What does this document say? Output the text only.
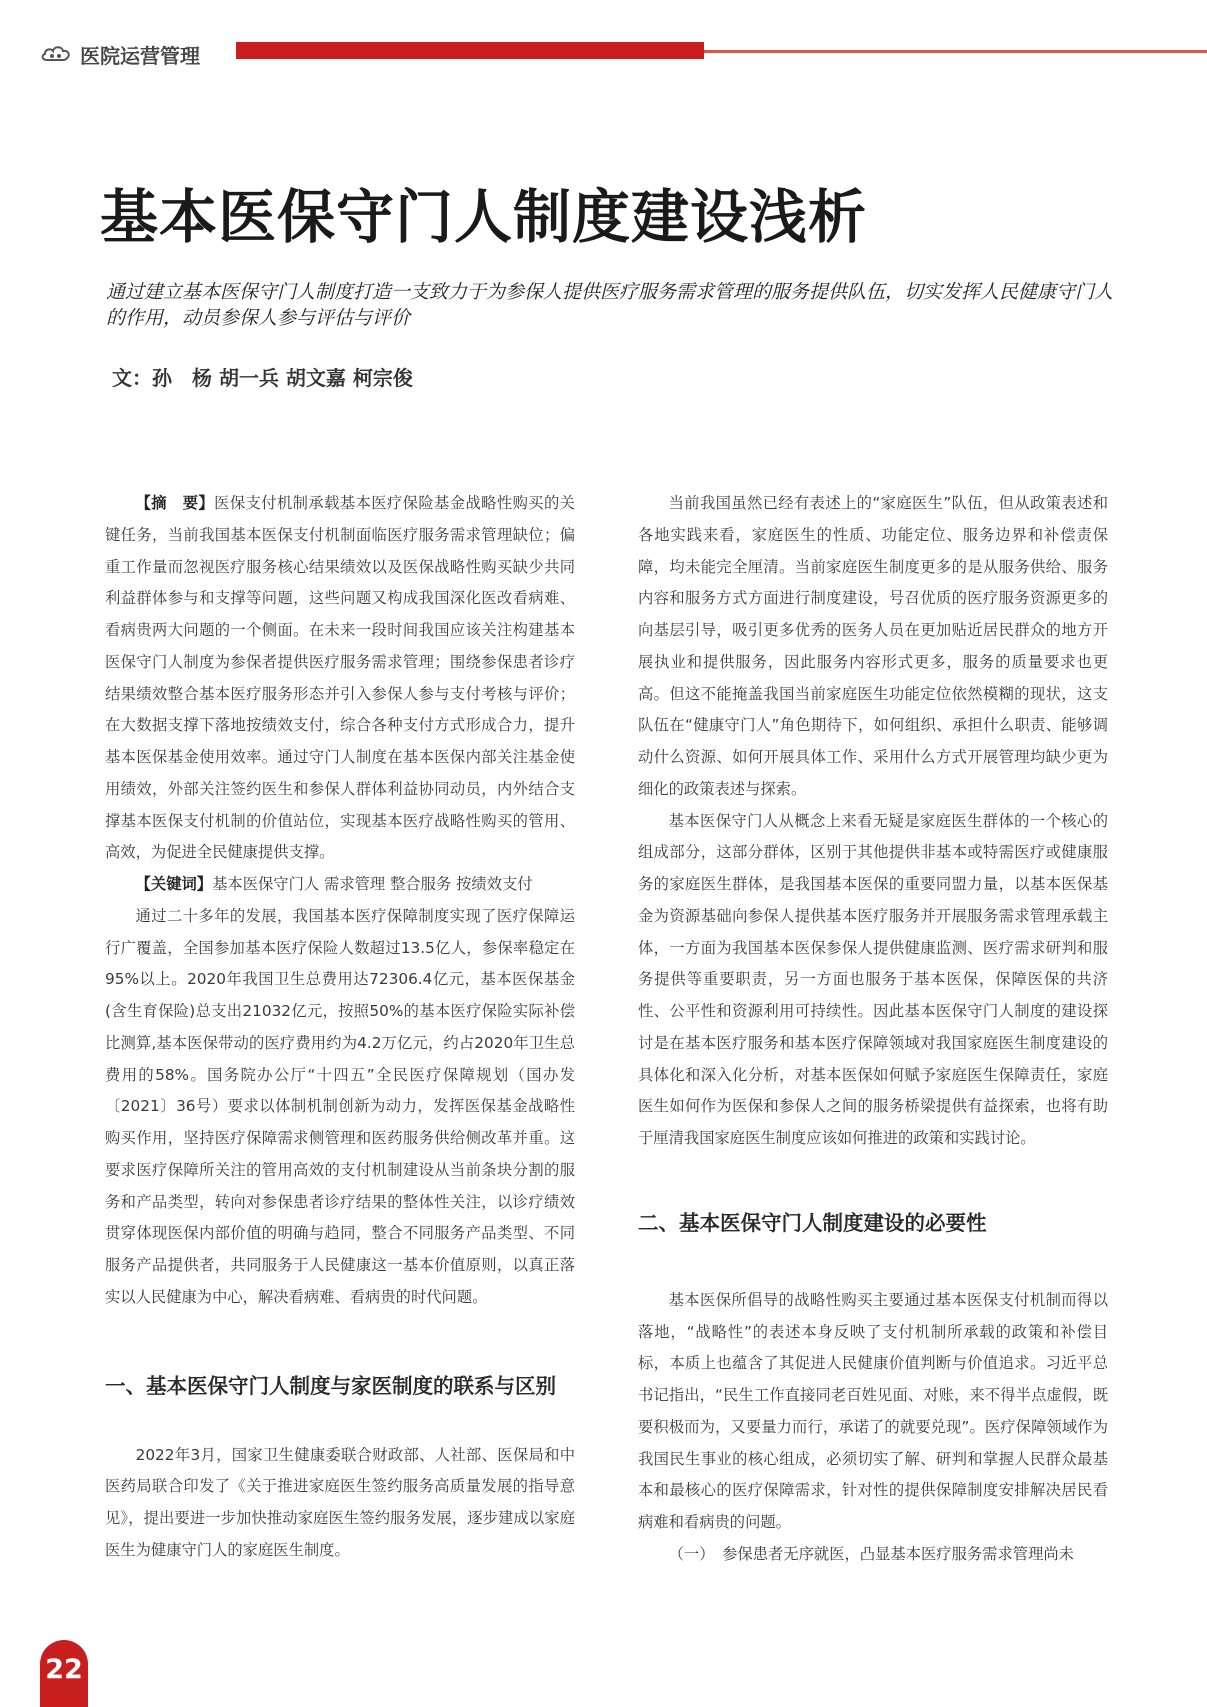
医院运营管理
基本医保守门人制度建设浅析
通过建立基本医保守门人制度打造一支致力于为参保人提供医疗服务需求管理的服务提供队伍，切实发挥人民健康守门人的作用，动员参保人参与评估与评价
文：孙　杨 胡一兵 胡文嘉 柯宗俊

【摘　要】医保支付机制承载基本医疗保险基金战略性购买的关键任务，当前我国基本医保支付机制面临医疗服务需求管理缺位；偏重工作量而忽视医疗服务核心结果绩效以及医保战略性购买缺少共同利益群体参与和支撑等问题，这些问题又构成我国深化医改看病难、看病贵两大问题的一个侧面。在未来一段时间我国应该关注构建基本医保守门人制度为参保者提供医疗服务需求管理；围绕参保患者诊疗结果绩效整合基本医疗服务形态并引入参保人参与支付考核与评价；在大数据支撑下落地按绩效支付，综合各种支付方式形成合力，提升基本医保基金使用效率。通过守门人制度在基本医保内部关注基金使用绩效，外部关注签约医生和参保人群体利益协同动员，内外结合支撑基本医保支付机制的价值站位，实现基本医疗战略性购买的管用、高效，为促进全民健康提供支撑。

【关键词】基本医保守门人 需求管理 整合服务 按绩效支付

通过二十多年的发展，我国基本医疗保障制度实现了医疗保障运行广覆盖，全国参加基本医疗保险人数超过13.5亿人，参保率稳定在95%以上。2020年我国卫生总费用达72306.4亿元，基本医保基金(含生育保险)总支出21032亿元，按照50%的基本医疗保险实际补偿比测算,基本医保带动的医疗费用约为4.2万亿元，约占2020年卫生总费用的58%。国务院办公厅“十四五”全民医疗保障规划（国办发〔2021〕36号）要求以体制机制创新为动力，发挥医保基金战略性购买作用，坚持医疗保障需求侧管理和医药服务供给侧改革并重。这要求医疗保障所关注的管用高效的支付机制建设从当前条块分割的服务和产品类型，转向对参保患者诊疗结果的整体性关注，以诊疗绩效贯穿体现医保内部价值的明确与趋同，整合不同服务产品类型、不同服务产品提供者，共同服务于人民健康这一基本价值原则，以真正落实以人民健康为中心，解决看病难、看病贵的时代问题。

一、基本医保守门人制度与家医制度的联系与区别

2022年3月，国家卫生健康委联合财政部、人社部、医保局和中医药局联合印发了《关于推进家庭医生签约服务高质量发展的指导意见》，提出要进一步加快推动家庭医生签约服务发展，逐步建成以家庭医生为健康守门人的家庭医生制度。

当前我国虽然已经有表述上的“家庭医生”队伍，但从政策表述和各地实践来看，家庭医生的性质、功能定位、服务边界和补偿责保障，均未能完全厘清。当前家庭医生制度更多的是从服务供给、服务内容和服务方式方面进行制度建设，号召优质的医疗服务资源更多的向基层引导，吸引更多优秀的医务人员在更加贴近居民群众的地方开展执业和提供服务，因此服务内容形式更多，服务的质量要求也更高。但这不能掩盖我国当前家庭医生功能定位依然模糊的现状，这支队伍在“健康守门人”角色期待下，如何组织、承担什么职责、能够调动什么资源、如何开展具体工作、采用什么方式开展管理均缺少更为细化的政策表述与探索。

基本医保守门人从概念上来看无疑是家庭医生群体的一个核心的组成部分，这部分群体，区别于其他提供非基本或特需医疗或健康服务的家庭医生群体，是我国基本医保的重要同盟力量，以基本医保基金为资源基础向参保人提供基本医疗服务并开展服务需求管理承载主体，一方面为我国基本医保参保人提供健康监测、医疗需求研判和服务提供等重要职责，另一方面也服务于基本医保，保障医保的共济性、公平性和资源利用可持续性。因此基本医保守门人制度的建设探讨是在基本医疗服务和基本医疗保障领域对我国家庭医生制度建设的具体化和深入化分析，对基本医保如何赋予家庭医生保障责任，家庭医生如何作为医保和参保人之间的服务桥梁提供有益探索，也将有助于厘清我国家庭医生制度应该如何推进的政策和实践讨论。

二、基本医保守门人制度建设的必要性

基本医保所倡导的战略性购买主要通过基本医保支付机制而得以落地，“战略性”的表述本身反映了支付机制所承载的政策和补偿目标，本质上也蕴含了其促进人民健康价值判断与价值追求。习近平总书记指出，“民生工作直接同老百姓见面、对账，来不得半点虚假，既要积极而为，又要量力而行，承诺了的就要兑现”。医疗保障领域作为我国民生事业的核心组成，必须切实了解、研判和掌握人民群众最基本和最核心的医疗保障需求，针对性的提供保障制度安排解决居民看病难和看病贵的问题。

（一）　参保患者无序就医，凸显基本医疗服务需求管理尚未

22
